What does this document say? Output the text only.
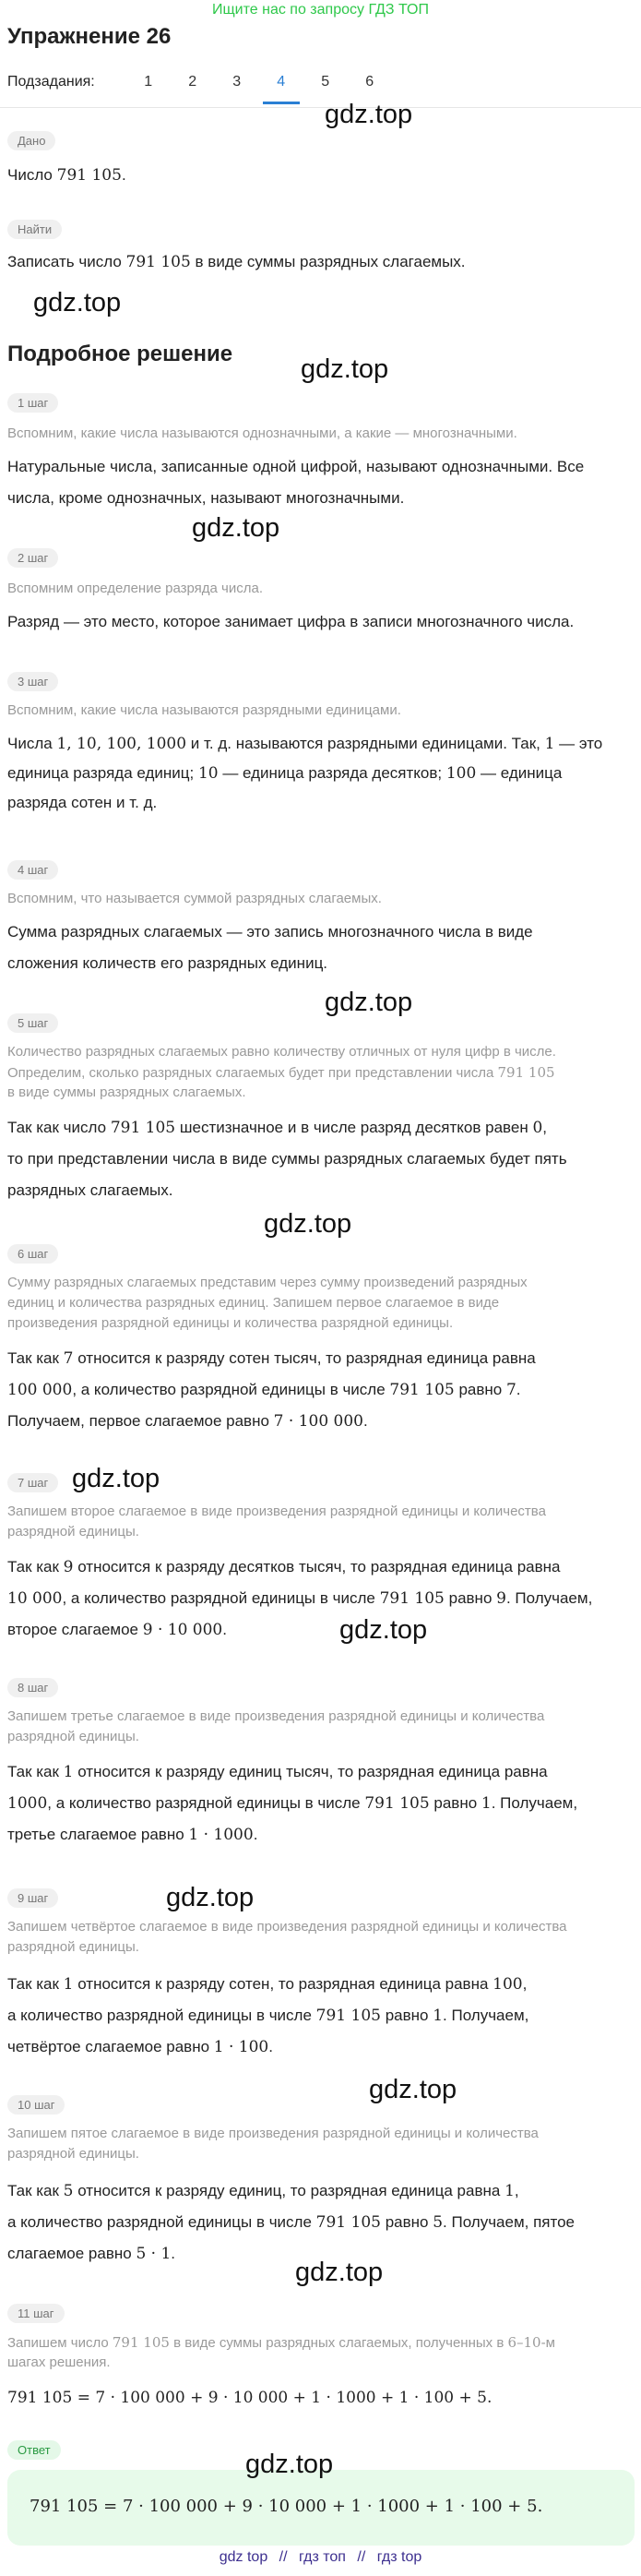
Ищите нас по запросу ГДЗ ТОП
Упражнение 26
Подзадания:	1	2	3	4	5	6
Дано
Число 791 105.
Найти
Записать число 791 105 в виде суммы разрядных слагаемых.
Подробное решение
1 шаг
Вспомним, какие числа называются однозначными, а какие — многозначными.
Натуральные числа, записанные одной цифрой, называют однозначными. Все
числа, кроме однозначных, называют многозначными.
2 шаг
Вспомним определение разряда числа.
Разряд — это место, которое занимает цифра в записи многозначного числа.
3 шаг
Вспомним, какие числа называются разрядными единицами.
Числа 1, 10, 100, 1000 и т. д. называются разрядными единицами. Так, 1 — это
единица разряда единиц; 10 — единица разряда десятков; 100 — единица
разряда сотен и т. д.
4 шаг
Вспомним, что называется суммой разрядных слагаемых.
Сумма разрядных слагаемых — это запись многозначного числа в виде
сложения количеств его разрядных единиц.
5 шаг
Количество разрядных слагаемых равно количеству отличных от нуля цифр в числе.
Определим, сколько разрядных слагаемых будет при представлении числа 791 105
в виде суммы разрядных слагаемых.
Так как число 791 105 шестизначное и в числе разряд десятков равен 0,
то при представлении числа в виде суммы разрядных слагаемых будет пять
разрядных слагаемых.
6 шаг
Сумму разрядных слагаемых представим через сумму произведений разрядных
единиц и количества разрядных единиц. Запишем первое слагаемое в виде
произведения разрядной единицы и количества разрядной единицы.
Так как 7 относится к разряду сотен тысяч, то разрядная единица равна
100 000, а количество разрядной единицы в числе 791 105 равно 7.
Получаем, первое слагаемое равно 7 · 100 000.
7 шаг
Запишем второе слагаемое в виде произведения разрядной единицы и количества
разрядной единицы.
Так как 9 относится к разряду десятков тысяч, то разрядная единица равна
10 000, а количество разрядной единицы в числе 791 105 равно 9. Получаем,
второе слагаемое 9 · 10 000.
8 шаг
Запишем третье слагаемое в виде произведения разрядной единицы и количества
разрядной единицы.
Так как 1 относится к разряду единиц тысяч, то разрядная единица равна
1000, а количество разрядной единицы в числе 791 105 равно 1. Получаем,
третье слагаемое равно 1 · 1000.
9 шаг
Запишем четвёртое слагаемое в виде произведения разрядной единицы и количества
разрядной единицы.
Так как 1 относится к разряду сотен, то разрядная единица равна 100,
а количество разрядной единицы в числе 791 105 равно 1. Получаем,
четвёртое слагаемое равно 1 · 100.
10 шаг
Запишем пятое слагаемое в виде произведения разрядной единицы и количества
разрядной единицы.
Так как 5 относится к разряду единиц, то разрядная единица равна 1,
а количество разрядной единицы в числе 791 105 равно 5. Получаем, пятое
слагаемое равно 5 · 1.
11 шаг
Запишем число 791 105 в виде суммы разрядных слагаемых, полученных в 6–10-м
шагах решения.
791 105 = 7 · 100 000 + 9 · 10 000 + 1 · 1000 + 1 · 100 + 5.
Ответ
791 105 = 7 · 100 000 + 9 · 10 000 + 1 · 1000 + 1 · 100 + 5.
gdz.top
gdz.top
gdz.top
gdz.top
gdz.top
gdz.top
gdz.top
gdz.top
gdz.top
gdz.top
gdz.top
gdz.top
gdz top // гдз топ // гдз top
